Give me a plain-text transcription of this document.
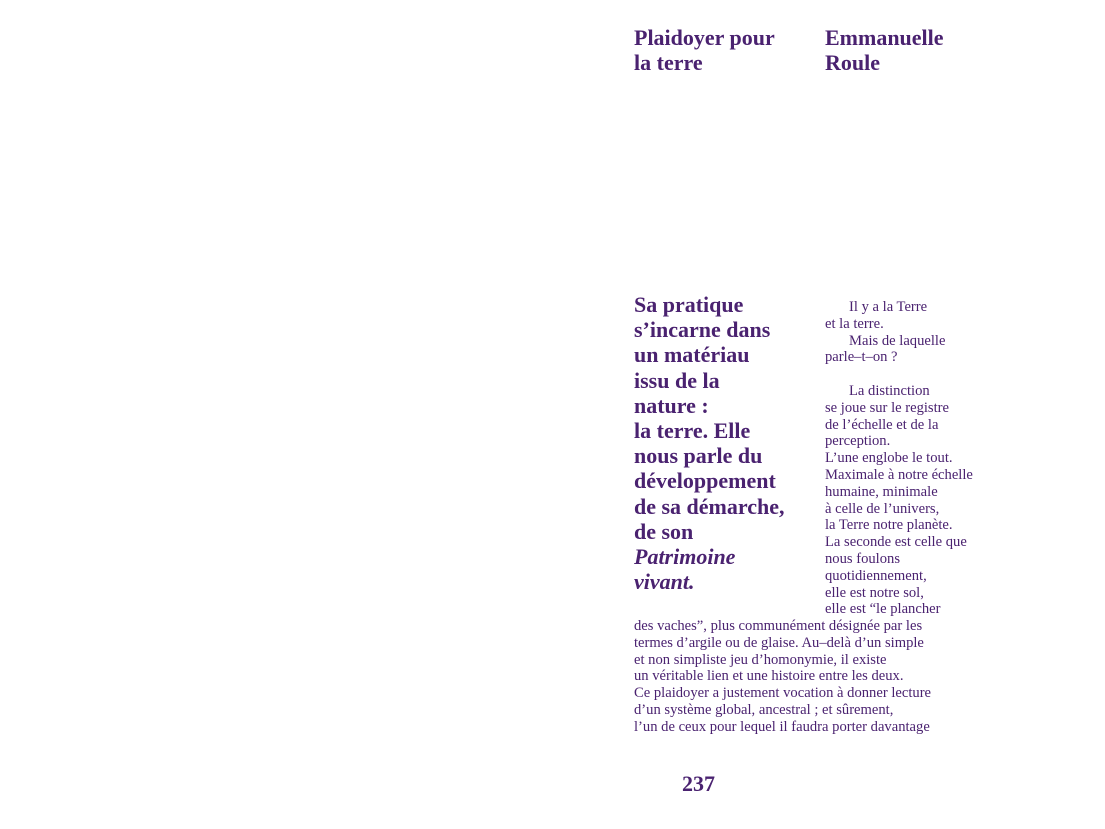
Plaidoyer pour
la terre
Emmanuelle
Roule

Sa pratique
s’incarne dans
un matériau
issu de la
nature :
la terre. Elle
nous parle du
développement
de sa démarche,
de son
Patrimoine
vivant.

Il y a la Terre
et la terre.
Mais de laquelle
parle–t–on ?
La distinction
se joue sur le registre
de l’échelle et de la
perception.
L’une englobe le tout.
Maximale à notre échelle
humaine, minimale
à celle de l’univers,
la Terre notre planète.
La seconde est celle que
nous foulons
quotidiennement,
elle est notre sol,
elle est “le plancher
des vaches”, plus communément désignée par les
termes d’argile ou de glaise. Au–delà d’un simple
et non simpliste jeu d’homonymie, il existe
un véritable lien et une histoire entre les deux.
Ce plaidoyer a justement vocation à donner lecture
d’un système global, ancestral ; et sûrement,
l’un de ceux pour lequel il faudra porter davantage
237
